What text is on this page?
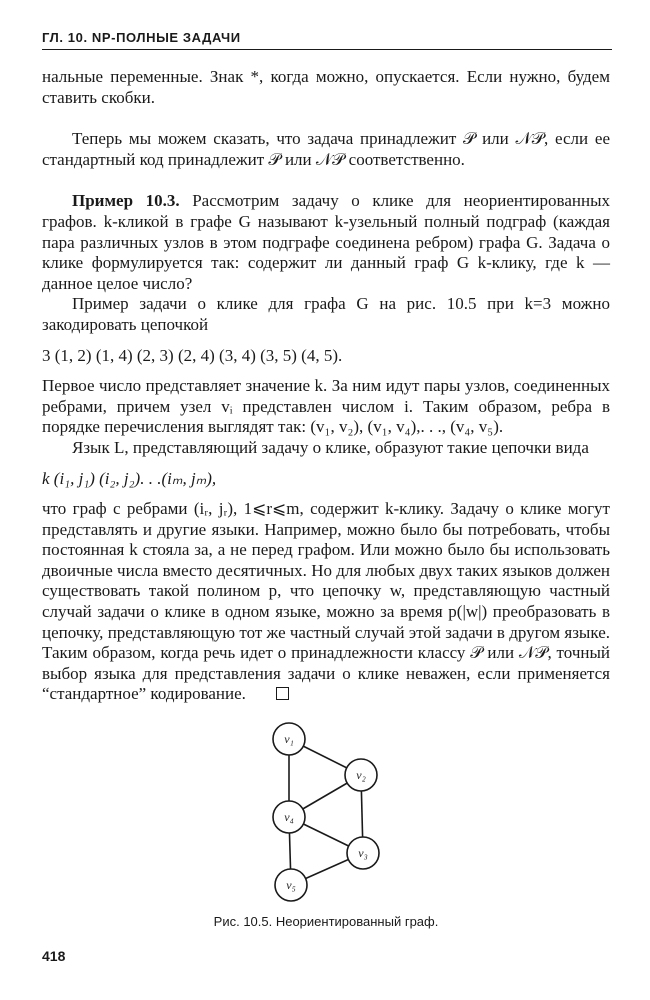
ГЛ. 10. NP-ПОЛНЫЕ ЗАДАЧИ

нальные переменные. Знак *, когда можно, опускается. Если нужно, будем ставить скобки.

Теперь мы можем сказать, что задача принадлежит 𝒫 или 𝒩𝒫, если ее стандартный код принадлежит 𝒫 или 𝒩𝒫 соответственно.

Пример 10.3. Рассмотрим задачу о клике для неориентированных графов. k-кликой в графе G называют k-узельный полный подграф (каждая пара различных узлов в этом подграфе соединена ребром) графа G. Задача о клике формулируется так: содержит ли данный граф G k-клику, где k — данное целое число?

Пример задачи о клике для графа G на рис. 10.5 при k=3 можно закодировать цепочкой

3 (1, 2) (1, 4) (2, 3) (2, 4) (3, 4) (3, 5) (4, 5).

Первое число представляет значение k. За ним идут пары узлов, соединенных ребрами, причем узел vᵢ представлен числом i. Таким образом, ребра в порядке перечисления выглядят так: (v₁, v₂), (v₁, v₄),. . ., (v₄, v₅).

Язык L, представляющий задачу о клике, образуют такие цепочки вида

k (i₁, j₁) (i₂, j₂). . .(iₘ, jₘ),

что граф с ребрами (iᵣ, jᵣ), 1⩽r⩽m, содержит k-клику. Задачу о клике могут представлять и другие языки. Например, можно было бы потребовать, чтобы постоянная k стояла за, а не перед графом. Или можно было бы использовать двоичные числа вместо десятичных. Но для любых двух таких языков должен существовать такой полином p, что цепочку w, представляющую частный случай задачи о клике в одном языке, можно за время p(|w|) преобразовать в цепочку, представляющую тот же частный случай этой задачи в другом языке. Таким образом, когда речь идет о принадлежности классу 𝒫 или 𝒩𝒫, точный выбор языка для представления задачи о клике неважен, если применяется “стандартное” кодирование.

v₁
v₂
v₄
v₃
v₅
Рис. 10.5. Неориентированный граф.
418
